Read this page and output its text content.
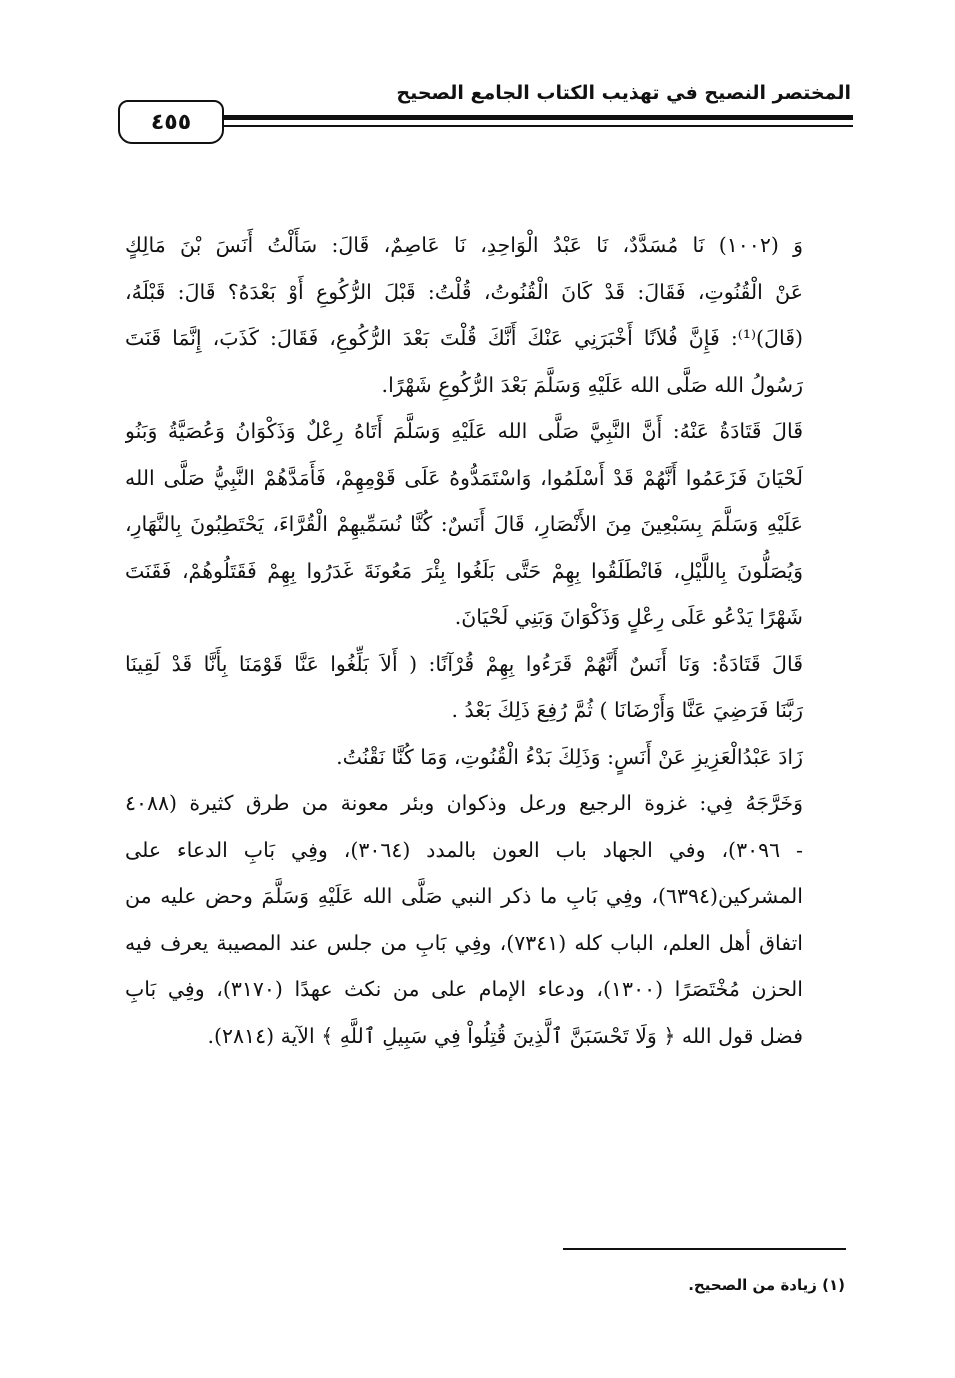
٤٥٥
المختصر النصيح في تهذيب الكتاب الجامع الصحيح

وَ (١٠٠٢) نَا مُسَدَّدٌ، نَا عَبْدُ الْوَاحِدِ، نَا عَاصِمٌ، قَالَ: سَأَلْتُ أَنَسَ بْنَ مَالِكٍ
عَنْ الْقُنُوتِ، فَقَالَ: قَدْ كَانَ الْقُنُوتُ، قُلْتُ: قَبْلَ الرُّكُوعِ أَوْ بَعْدَهُ؟ قَالَ: قَبْلَهُ،
(قَالَ)⁽¹⁾: فَإِنَّ فُلاَنًا أَخْبَرَنِي عَنْكَ أَنَّكَ قُلْتَ بَعْدَ الرُّكُوعِ، فَقَالَ: كَذَبَ، إِنَّمَا قَنَتَ
رَسُولُ الله صَلَّى الله عَلَيْهِ وَسَلَّمَ بَعْدَ الرُّكُوعِ شَهْرًا.

قَالَ قَتَادَةُ عَنْهُ: أَنَّ النَّبِيَّ صَلَّى الله عَلَيْهِ وَسَلَّمَ أَتَاهُ رِعْلٌ وَذَكْوَانُ وَعُصَيَّةُ وَبَنُو
لَحْيَانَ فَزَعَمُوا أَنَّهُمْ قَدْ أَسْلَمُوا، وَاسْتَمَدُّوهُ عَلَى قَوْمِهِمْ، فَأَمَدَّهُمْ النَّبِيُّ صَلَّى الله
عَلَيْهِ وَسَلَّمَ بِسَبْعِينَ مِنَ الأَنْصَارِ، قَالَ أَنَسٌ: كُنَّا نُسَمِّيهِمْ الْقُرَّاءَ، يَحْتَطِبُونَ بِالنَّهَارِ،
وَيُصَلُّونَ بِاللَّيْلِ، فَانْطَلَقُوا بِهِمْ حَتَّى بَلَغُوا بِئْرَ مَعُونَةَ غَدَرُوا بِهِمْ فَقَتَلُوهُمْ، فَقَنَتَ
شَهْرًا يَدْعُو عَلَى رِعْلٍ وَذَكْوَانَ وَبَنِي لَحْيَانَ.

قَالَ قَتَادَةُ: وَنَا أَنَسٌ أَنَّهُمْ قَرَءُوا بِهِمْ قُرْآنًا: ( أَلاَ بَلِّغُوا عَنَّا قَوْمَنَا بِأَنَّا قَدْ لَقِينَا
رَبَّنَا فَرَضِيَ عَنَّا وَأَرْضَانَا ) ثُمَّ رُفِعَ ذَلِكَ بَعْدُ .

زَادَ عَبْدُالْعَزِيزِ عَنْ أَنَسٍ: وَذَلِكَ بَدْءُ الْقُنُوتِ، وَمَا كُنَّا نَقْنُتُ.

وَخَرَّجَهُ فِي: غزوة الرجيع ورعل وذكوان وبئر معونة من طرق كثيرة (٤٠٨٨
- ٣٠٩٦)، وفي الجهاد باب العون بالمدد (٣٠٦٤)، وفِي بَابِ الدعاء على
المشركين(٦٣٩٤)، وفِي بَابِ ما ذكر النبي صَلَّى الله عَلَيْهِ وَسَلَّمَ وحض عليه من
اتفاق أهل العلم، الباب كله (٧٣٤١)، وفِي بَابِ من جلس عند المصيبة يعرف فيه
الحزن مُخْتَصَرًا (١٣٠٠)، ودعاء الإمام على من نكث عهدًا (٣١٧٠)، وفِي بَابِ
فضل قول الله ﴿ وَلَا تَحْسَبَنَّ ٱلَّذِينَ قُتِلُواْ فِي سَبِيلِ ٱللَّهِ ﴾ الآية (٢٨١٤).

(١) زيادة من الصحيح.
